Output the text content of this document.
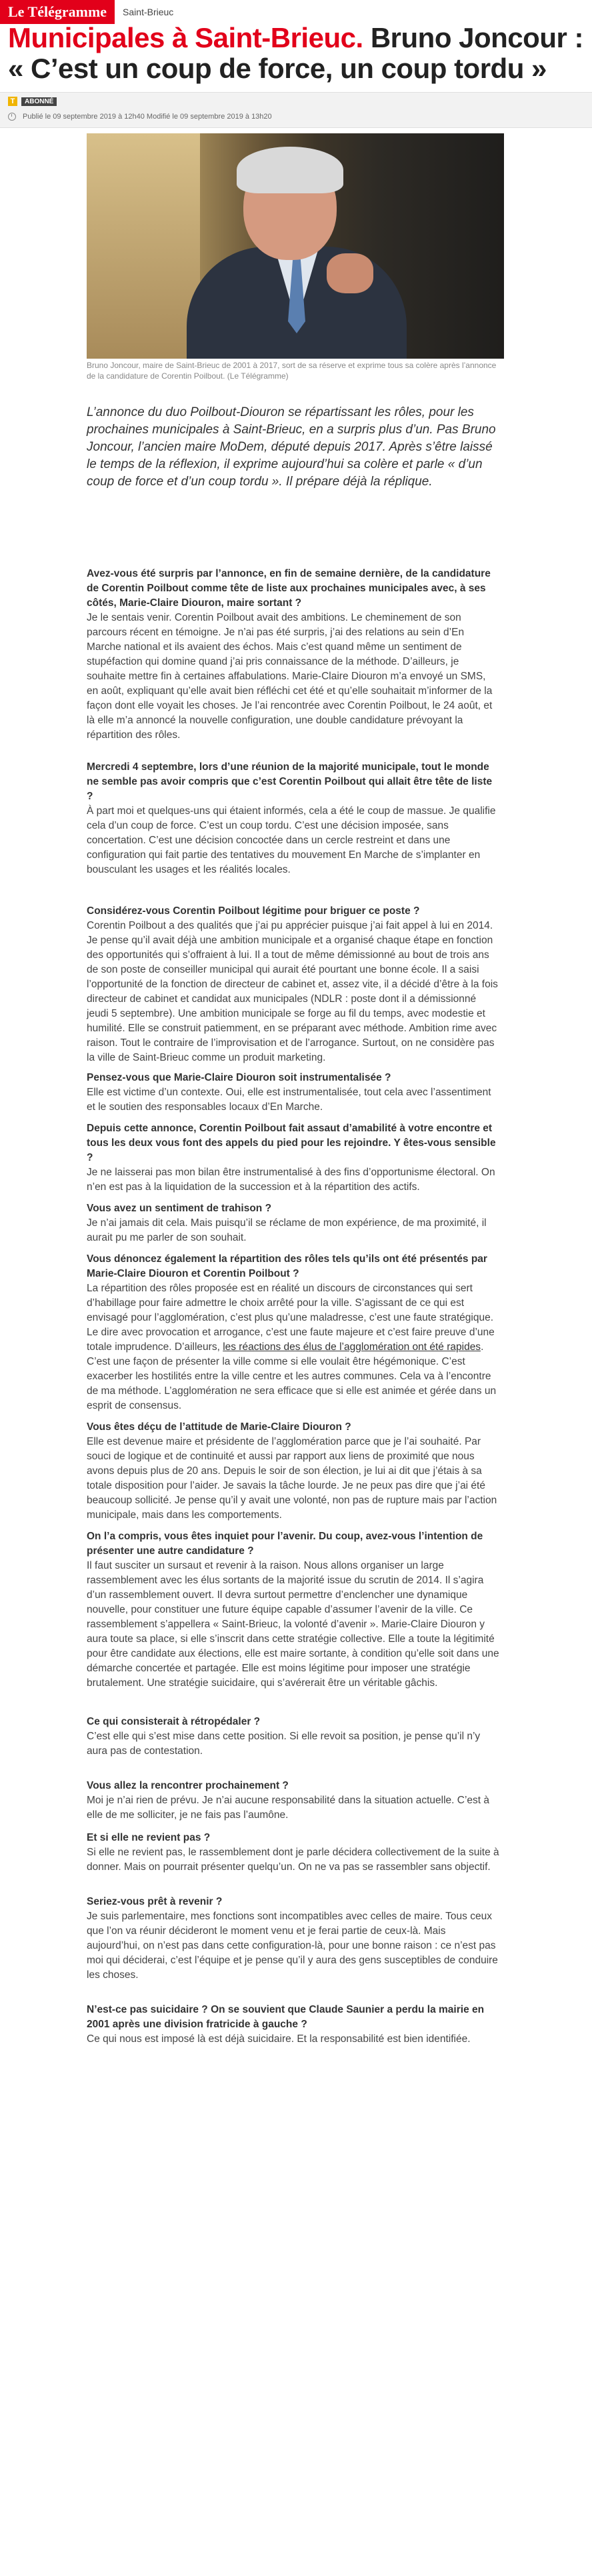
Le Télégramme	Saint-Brieuc
Municipales à Saint-Brieuc. Bruno Joncour : « C’est un coup de force, un coup tordu »
T	ABONNÉ
Publié le 09 septembre 2019 à 12h40 Modifié le 09 septembre 2019 à 13h20
Bruno Joncour, maire de Saint-Brieuc de 2001 à 2017, sort de sa réserve et exprime tous sa colère après l’annonce de la candidature de Corentin Poilbout. (Le Télégramme)
L’annonce du duo Poilbout-Diouron se répartissant les rôles, pour les prochaines municipales à Saint-Brieuc, en a surpris plus d’un. Pas Bruno Joncour, l’ancien maire MoDem, député depuis 2017. Après s’être laissé le temps de la réflexion, il exprime aujourd’hui sa colère et parle « d’un coup de force et d’un coup tordu ». Il prépare déjà la réplique.

Avez-vous été surpris par l’annonce, en fin de semaine dernière, de la candidature de Corentin Poilbout comme tête de liste aux prochaines municipales avec, à ses côtés, Marie-Claire Diouron, maire sortant ?

Je le sentais venir. Corentin Poilbout avait des ambitions. Le cheminement de son parcours récent en témoigne. Je n’ai pas été surpris, j’ai des relations au sein d’En Marche national et ils avaient des échos. Mais c’est quand même un sentiment de stupéfaction qui domine quand j’ai pris connaissance de la méthode. D’ailleurs, je souhaite mettre fin à certaines affabulations. Marie-Claire Diouron m’a envoyé un SMS, en août, expliquant qu’elle avait bien réfléchi cet été et qu’elle souhaitait m’informer de la façon dont elle voyait les choses. Je l’ai rencontrée avec Corentin Poilbout, le 24 août, et là elle m’a annoncé la nouvelle configuration, une double candidature prévoyant la répartition des rôles.

Mercredi 4 septembre, lors d’une réunion de la majorité municipale, tout le monde ne semble pas avoir compris que c’est Corentin Poilbout qui allait être tête de liste ?

À part moi et quelques-uns qui étaient informés, cela a été le coup de massue. Je qualifie cela d’un coup de force. C’est un coup tordu. C’est une décision imposée, sans concertation. C’est une décision concoctée dans un cercle restreint et dans une configuration qui fait partie des tentatives du mouvement En Marche de s’implanter en bousculant les usages et les réalités locales.

Considérez-vous Corentin Poilbout légitime pour briguer ce poste ?

Corentin Poilbout a des qualités que j’ai pu apprécier puisque j’ai fait appel à lui en 2014. Je pense qu’il avait déjà une ambition municipale et a organisé chaque étape en fonction des opportunités qui s’offraient à lui. Il a tout de même démissionné au bout de trois ans de son poste de conseiller municipal qui aurait été pourtant une bonne école. Il a saisi l’opportunité de la fonction de directeur de cabinet et, assez vite, il a décidé d’être à la fois directeur de cabinet et candidat aux municipales (NDLR : poste dont il a démissionné jeudi 5 septembre). Une ambition municipale se forge au fil du temps, avec modestie et humilité. Elle se construit patiemment, en se préparant avec méthode. Ambition rime avec raison. Tout le contraire de l’improvisation et de l’arrogance. Surtout, on ne considère pas la ville de Saint-Brieuc comme un produit marketing.

Pensez-vous que Marie-Claire Diouron soit instrumentalisée ?

Elle est victime d’un contexte. Oui, elle est instrumentalisée, tout cela avec l’assentiment et le soutien des responsables locaux d’En Marche.

Depuis cette annonce, Corentin Poilbout fait assaut d’amabilité à votre encontre et tous les deux vous font des appels du pied pour les rejoindre. Y êtes-vous sensible ?

Je ne laisserai pas mon bilan être instrumentalisé à des fins d’opportunisme électoral. On n’en est pas à la liquidation de la succession et à la répartition des actifs.

Vous avez un sentiment de trahison ?

Je n’ai jamais dit cela. Mais puisqu’il se réclame de mon expérience, de ma proximité, il aurait pu me parler de son souhait.

Vous dénoncez également la répartition des rôles tels qu’ils ont été présentés par Marie-Claire Diouron et Corentin Poilbout ?

La répartition des rôles proposée est en réalité un discours de circonstances qui sert d’habillage pour faire admettre le choix arrêté pour la ville. S’agissant de ce qui est envisagé pour l’agglomération, c’est plus qu’une maladresse, c’est une faute stratégique. Le dire avec provocation et arrogance, c’est une faute majeure et c’est faire preuve d’une totale imprudence. D’ailleurs, les réactions des élus de l’agglomération ont été rapides. C’est une façon de présenter la ville comme si elle voulait être hégémonique. C’est exacerber les hostilités entre la ville centre et les autres communes. Cela va à l’encontre de ma méthode. L’agglomération ne sera efficace que si elle est animée et gérée dans un esprit de consensus.

Vous êtes déçu de l’attitude de Marie-Claire Diouron ?

Elle est devenue maire et présidente de l’agglomération parce que je l’ai souhaité. Par souci de logique et de continuité et aussi par rapport aux liens de proximité que nous avons depuis plus de 20 ans. Depuis le soir de son élection, je lui ai dit que j’étais à sa totale disposition pour l’aider. Je savais la tâche lourde. Je ne peux pas dire que j’ai été beaucoup sollicité. Je pense qu’il y avait une volonté, non pas de rupture mais par l’action municipale, mais dans les comportements.

On l’a compris, vous êtes inquiet pour l’avenir. Du coup, avez-vous l’intention de présenter une autre candidature ?

Il faut susciter un sursaut et revenir à la raison. Nous allons organiser un large rassemblement avec les élus sortants de la majorité issue du scrutin de 2014. Il s’agira d’un rassemblement ouvert. Il devra surtout permettre d’enclencher une dynamique nouvelle, pour constituer une future équipe capable d’assumer l’avenir de la ville. Ce rassemblement s’appellera « Saint-Brieuc, la volonté d’avenir ». Marie-Claire Diouron y aura toute sa place, si elle s’inscrit dans cette stratégie collective. Elle a toute la légitimité pour être candidate aux élections, elle est maire sortante, à condition qu’elle soit dans une démarche concertée et partagée. Elle est moins légitime pour imposer une stratégie brutalement. Une stratégie suicidaire, qui s’avérerait être un véritable gâchis.

Ce qui consisterait à rétropédaler ?

C’est elle qui s’est mise dans cette position. Si elle revoit sa position, je pense qu’il n’y aura pas de contestation.

Vous allez la rencontrer prochainement ?

Moi je n’ai rien de prévu. Je n’ai aucune responsabilité dans la situation actuelle. C’est à elle de me solliciter, je ne fais pas l’aumône.

Et si elle ne revient pas ?

Si elle ne revient pas, le rassemblement dont je parle décidera collectivement de la suite à donner. Mais on pourrait présenter quelqu’un. On ne va pas se rassembler sans objectif.

Seriez-vous prêt à revenir ?

Je suis parlementaire, mes fonctions sont incompatibles avec celles de maire. Tous ceux que l’on va réunir décideront le moment venu et je ferai partie de ceux-là. Mais aujourd’hui, on n’est pas dans cette configuration-là, pour une bonne raison : ce n’est pas moi qui déciderai, c’est l’équipe et je pense qu’il y aura des gens susceptibles de conduire les choses.

N’est-ce pas suicidaire ? On se souvient que Claude Saunier a perdu la mairie en 2001 après une division fratricide à gauche ?

Ce qui nous est imposé là est déjà suicidaire. Et la responsabilité est bien identifiée.
